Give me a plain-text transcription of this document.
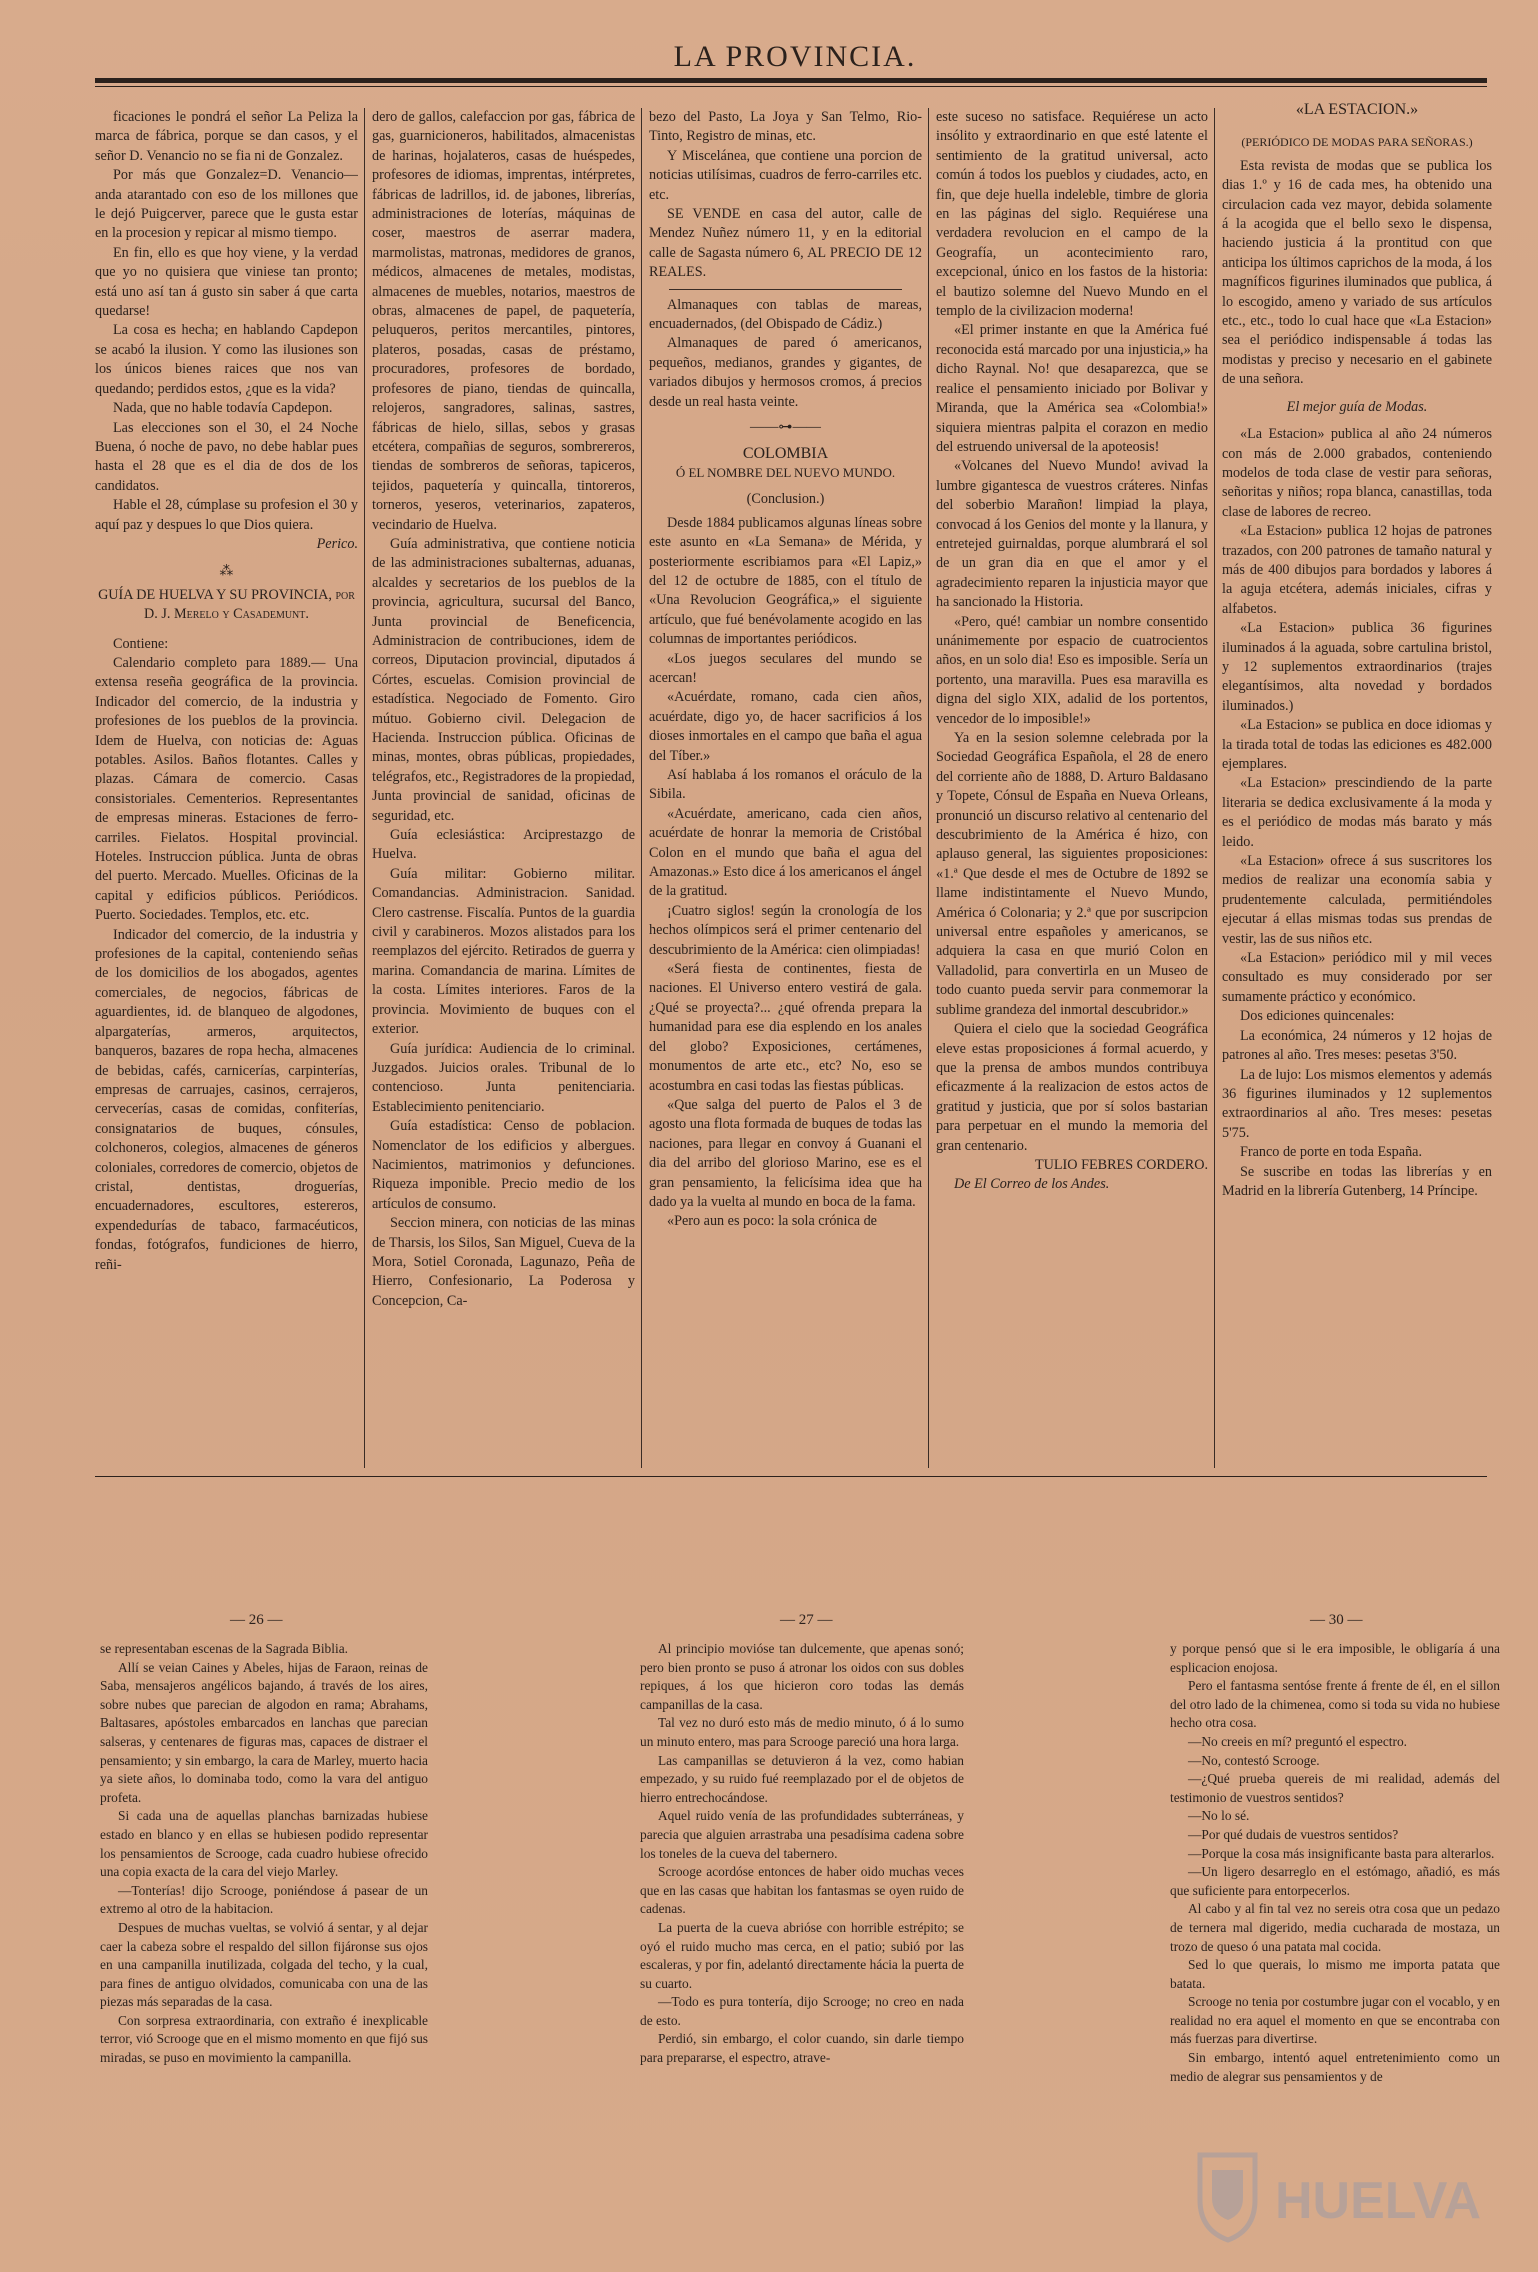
LA PROVINCIA.

ficaciones le pondrá el señor La Peliza la marca de fábrica, porque se dan casos, y el señor D. Venancio no se fia ni de Gonzalez.

Por más que Gonzalez=D. Venancio—anda atarantado con eso de los millones que le dejó Puigcerver, parece que le gusta estar en la procesion y repicar al mismo tiempo.

En fin, ello es que hoy viene, y la verdad que yo no quisiera que viniese tan pronto; está uno así tan á gusto sin saber á que carta quedarse!

La cosa es hecha; en hablando Capdepon se acabó la ilusion. Y como las ilusiones son los únicos bienes raices que nos van quedando; perdidos estos, ¿que es la vida?

Nada, que no hable todavía Capdepon.

Las elecciones son el 30, el 24 Noche Buena, ó noche de pavo, no debe hablar pues hasta el 28 que es el dia de dos de los candidatos.

Hable el 28, cúmplase su profesion el 30 y aquí paz y despues lo que Dios quiera.

Perico.

⁂

GUÍA DE HUELVA Y SU PROVINCIA, por D. J. Merelo y Casademunt.

Contiene:

Calendario completo para 1889.— Una extensa reseña geográfica de la provincia. Indicador del comercio, de la industria y profesiones de los pueblos de la provincia. Idem de Huelva, con noticias de: Aguas potables. Asilos. Baños flotantes. Calles y plazas. Cámara de comercio. Casas consistoriales. Cementerios. Representantes de empresas mineras. Estaciones de ferro-carriles. Fielatos. Hospital provincial. Hoteles. Instruccion pública. Junta de obras del puerto. Mercado. Muelles. Oficinas de la capital y edificios públicos. Periódicos. Puerto. Sociedades. Templos, etc. etc.

Indicador del comercio, de la industria y profesiones de la capital, conteniendo señas de los domicilios de los abogados, agentes comerciales, de negocios, fábricas de aguardientes, id. de blanqueo de algodones, alpargaterías, armeros, arquitectos, banqueros, bazares de ropa hecha, almacenes de bebidas, cafés, carnicerías, carpinterías, empresas de carruajes, casinos, cerrajeros, cervecerías, casas de comidas, confiterías, consignatarios de buques, cónsules, colchoneros, colegios, almacenes de géneros coloniales, corredores de comercio, objetos de cristal, dentistas, droguerías, encuadernadores, escultores, estereros, expendedurías de tabaco, farmacéuticos, fondas, fotógrafos, fundiciones de hierro, reñi-

dero de gallos, calefaccion por gas, fábrica de gas, guarnicioneros, habilitados, almacenistas de harinas, hojalateros, casas de huéspedes, profesores de idiomas, imprentas, intérpretes, fábricas de ladrillos, id. de jabones, librerías, administraciones de loterías, máquinas de coser, maestros de aserrar madera, marmolistas, matronas, medidores de granos, médicos, almacenes de metales, modistas, almacenes de muebles, notarios, maestros de obras, almacenes de papel, de paquetería, peluqueros, peritos mercantiles, pintores, plateros, posadas, casas de préstamo, procuradores, profesores de bordado, profesores de piano, tiendas de quincalla, relojeros, sangradores, salinas, sastres, fábricas de hielo, sillas, sebos y grasas etcétera, compañias de seguros, sombrereros, tiendas de sombreros de señoras, tapiceros, tejidos, paquetería y quincalla, tintoreros, torneros, yeseros, veterinarios, zapateros, vecindario de Huelva.

Guía administrativa, que contiene noticia de las administraciones subalternas, aduanas, alcaldes y secretarios de los pueblos de la provincia, agricultura, sucursal del Banco, Junta provincial de Beneficencia, Administracion de contribuciones, idem de correos, Diputacion provincial, diputados á Córtes, escuelas. Comision provincial de estadística. Negociado de Fomento. Giro mútuo. Gobierno civil. Delegacion de Hacienda. Instruccion pública. Oficinas de minas, montes, obras públicas, propiedades, telégrafos, etc., Registradores de la propiedad, Junta provincial de sanidad, oficinas de seguridad, etc.

Guía eclesiástica: Arciprestazgo de Huelva.

Guía militar: Gobierno militar. Comandancias. Administracion. Sanidad. Clero castrense. Fiscalía. Puntos de la guardia civil y carabineros. Mozos alistados para los reemplazos del ejército. Retirados de guerra y marina. Comandancia de marina. Límites de la costa. Límites interiores. Faros de la provincia. Movimiento de buques con el exterior.

Guía jurídica: Audiencia de lo criminal. Juzgados. Juicios orales. Tribunal de lo contencioso. Junta penitenciaria. Establecimiento penitenciario.

Guía estadística: Censo de poblacion. Nomenclator de los edificios y albergues. Nacimientos, matrimonios y defunciones. Riqueza imponible. Precio medio de los artículos de consumo.

Seccion minera, con noticias de las minas de Tharsis, los Silos, San Miguel, Cueva de la Mora, Sotiel Coronada, Lagunazo, Peña de Hierro, Confesionario, La Poderosa y Concepcion, Ca-

bezo del Pasto, La Joya y San Telmo, Rio-Tinto, Registro de minas, etc.

Y Miscelánea, que contiene una porcion de noticias utilísimas, cuadros de ferro-carriles etc. etc.

SE VENDE en casa del autor, calle de Mendez Nuñez número 11, y en la editorial calle de Sagasta número 6, AL PRECIO DE 12 REALES.

Almanaques con tablas de mareas, encuadernados, (del Obispado de Cádiz.)

Almanaques de pared ó americanos, pequeños, medianos, grandes y gigantes, de variados dibujos y hermosos cromos, á precios desde un real hasta veinte.

——⊶——

COLOMBIA

Ó EL NOMBRE DEL NUEVO MUNDO.

(Conclusion.)

Desde 1884 publicamos algunas líneas sobre este asunto en «La Semana» de Mérida, y posteriormente escribiamos para «El Lapiz,» del 12 de octubre de 1885, con el título de «Una Revolucion Geográfica,» el siguiente artículo, que fué benévolamente acogido en las columnas de importantes periódicos.

«Los juegos seculares del mundo se acercan!

«Acuérdate, romano, cada cien años, acuérdate, digo yo, de hacer sacrificios á los dioses inmortales en el campo que baña el agua del Tíber.»

Así hablaba á los romanos el oráculo de la Sibila.

«Acuérdate, americano, cada cien años, acuérdate de honrar la memoria de Cristóbal Colon en el mundo que baña el agua del Amazonas.» Esto dice á los americanos el ángel de la gratitud.

¡Cuatro siglos! según la cronología de los hechos olímpicos será el primer centenario del descubrimiento de la América: cien olimpiadas!

«Será fiesta de continentes, fiesta de naciones. El Universo entero vestirá de gala. ¿Qué se proyecta?... ¿qué ofrenda prepara la humanidad para ese dia esplendo en los anales del globo? Exposiciones, certámenes, monumentos de arte etc., etc? No, eso se acostumbra en casi todas las fiestas públicas.

«Que salga del puerto de Palos el 3 de agosto una flota formada de buques de todas las naciones, para llegar en convoy á Guanani el dia del arribo del glorioso Marino, ese es el gran pensamiento, la felicísima idea que ha dado ya la vuelta al mundo en boca de la fama.

«Pero aun es poco: la sola crónica de

este suceso no satisface. Requiérese un acto insólito y extraordinario en que esté latente el sentimiento de la gratitud universal, acto común á todos los pueblos y ciudades, acto, en fin, que deje huella indeleble, timbre de gloria en las páginas del siglo. Requiérese una verdadera revolucion en el campo de la Geografía, un acontecimiento raro, excepcional, único en los fastos de la historia: el bautizo solemne del Nuevo Mundo en el templo de la civilizacion moderna!

«El primer instante en que la América fué reconocida está marcado por una injusticia,» ha dicho Raynal. No! que desaparezca, que se realice el pensamiento iniciado por Bolivar y Miranda, que la América sea «Colombia!» siquiera mientras palpita el corazon en medio del estruendo universal de la apoteosis!

«Volcanes del Nuevo Mundo! avivad la lumbre gigantesca de vuestros cráteres. Ninfas del soberbio Marañon! limpiad la playa, convocad á los Genios del monte y la llanura, y entretejed guirnaldas, porque alumbrará el sol de un gran dia en que el amor y el agradecimiento reparen la injusticia mayor que ha sancionado la Historia.

«Pero, qué! cambiar un nombre consentido unánimemente por espacio de cuatrocientos años, en un solo dia! Eso es imposible. Sería un portento, una maravilla. Pues esa maravilla es digna del siglo XIX, adalid de los portentos, vencedor de lo imposible!»

Ya en la sesion solemne celebrada por la Sociedad Geográfica Española, el 28 de enero del corriente año de 1888, D. Arturo Baldasano y Topete, Cónsul de España en Nueva Orleans, pronunció un discurso relativo al centenario del descubrimiento de la América é hizo, con aplauso general, las siguientes proposiciones: «1.ª Que desde el mes de Octubre de 1892 se llame indistintamente el Nuevo Mundo, América ó Colonaria; y 2.ª que por suscripcion universal entre españoles y americanos, se adquiera la casa en que murió Colon en Valladolid, para convertirla en un Museo de todo cuanto pueda servir para conmemorar la sublime grandeza del inmortal descubridor.»

Quiera el cielo que la sociedad Geográfica eleve estas proposiciones á formal acuerdo, y que la prensa de ambos mundos contribuya eficazmente á la realizacion de estos actos de gratitud y justicia, que por sí solos bastarian para perpetuar en el mundo la memoria del gran centenario.

TULIO FEBRES CORDERO.

De El Correo de los Andes.

«LA ESTACION.»

(PERIÓDICO DE MODAS PARA SEÑORAS.)

Esta revista de modas que se publica los dias 1.º y 16 de cada mes, ha obtenido una circulacion cada vez mayor, debida solamente á la acogida que el bello sexo le dispensa, haciendo justicia á la prontitud con que anticipa los últimos caprichos de la moda, á los magníficos figurines iluminados que publica, á lo escogido, ameno y variado de sus artículos etc., etc., todo lo cual hace que «La Estacion» sea el periódico indispensable á todas las modistas y preciso y necesario en el gabinete de una señora.

El mejor guía de Modas.

«La Estacion» publica al año 24 números con más de 2.000 grabados, conteniendo modelos de toda clase de vestir para señoras, señoritas y niños; ropa blanca, canastillas, toda clase de labores de recreo.

«La Estacion» publica 12 hojas de patrones trazados, con 200 patrones de tamaño natural y más de 400 dibujos para bordados y labores á la aguja etcétera, además iniciales, cifras y alfabetos.

«La Estacion» publica 36 figurines iluminados á la aguada, sobre cartulina bristol, y 12 suplementos extraordinarios (trajes elegantísimos, alta novedad y bordados iluminados.)

«La Estacion» se publica en doce idiomas y la tirada total de todas las ediciones es 482.000 ejemplares.

«La Estacion» prescindiendo de la parte literaria se dedica exclusivamente á la moda y es el periódico de modas más barato y más leido.

«La Estacion» ofrece á sus suscritores los medios de realizar una economía sabia y prudentemente calculada, permitiéndoles ejecutar á ellas mismas todas sus prendas de vestir, las de sus niños etc.

«La Estacion» periódico mil y mil veces consultado es muy considerado por ser sumamente práctico y económico.

Dos ediciones quincenales:

La económica, 24 números y 12 hojas de patrones al año. Tres meses: pesetas 3'50.

La de lujo: Los mismos elementos y además 36 figurines iluminados y 12 suplementos extraordinarios al año. Tres meses: pesetas 5'75.

Franco de porte en toda España.

Se suscribe en todas las librerías y en Madrid en la librería Gutenberg, 14 Príncipe.

— 26 —	— 27 —	— 30 —

se representaban escenas de la Sagrada Biblia.

Allí se veian Caines y Abeles, hijas de Faraon, reinas de Saba, mensajeros angélicos bajando, á través de los aires, sobre nubes que parecian de algodon en rama; Abrahams, Baltasares, apóstoles embarcados en lanchas que parecian salseras, y centenares de figuras mas, capaces de distraer el pensamiento; y sin embargo, la cara de Marley, muerto hacia ya siete años, lo dominaba todo, como la vara del antiguo profeta.

Si cada una de aquellas planchas barnizadas hubiese estado en blanco y en ellas se hubiesen podido representar los pensamientos de Scrooge, cada cuadro hubiese ofrecido una copia exacta de la cara del viejo Marley.

—Tonterías! dijo Scrooge, poniéndose á pasear de un extremo al otro de la habitacion.

Despues de muchas vueltas, se volvió á sentar, y al dejar caer la cabeza sobre el respaldo del sillon fijáronse sus ojos en una campanilla inutilizada, colgada del techo, y la cual, para fines de antiguo olvidados, comunicaba con una de las piezas más separadas de la casa.

Con sorpresa extraordinaria, con extraño é inexplicable terror, vió Scrooge que en el mismo momento en que fijó sus miradas, se puso en movimiento la campanilla.

Al principio movióse tan dulcemente, que apenas sonó; pero bien pronto se puso á atronar los oidos con sus dobles repiques, á los que hicieron coro todas las demás campanillas de la casa.

Tal vez no duró esto más de medio minuto, ó á lo sumo un minuto entero, mas para Scrooge pareció una hora larga.

Las campanillas se detuvieron á la vez, como habian empezado, y su ruido fué reemplazado por el de objetos de hierro entrechocándose.

Aquel ruido venía de las profundidades subterráneas, y parecia que alguien arrastraba una pesadísima cadena sobre los toneles de la cueva del tabernero.

Scrooge acordóse entonces de haber oido muchas veces que en las casas que habitan los fantasmas se oyen ruido de cadenas.

La puerta de la cueva abrióse con horrible estrépito; se oyó el ruido mucho mas cerca, en el patio; subió por las escaleras, y por fin, adelantó directamente hácia la puerta de su cuarto.

—Todo es pura tontería, dijo Scrooge; no creo en nada de esto.

Perdió, sin embargo, el color cuando, sin darle tiempo para prepararse, el espectro, atrave-

y porque pensó que si le era imposible, le obligaría á una esplicacion enojosa.

Pero el fantasma sentóse frente á frente de él, en el sillon del otro lado de la chimenea, como si toda su vida no hubiese hecho otra cosa.

—No creeis en mí? preguntó el espectro.

—No, contestó Scrooge.

—¿Qué prueba quereis de mi realidad, además del testimonio de vuestros sentidos?

—No lo sé.

—Por qué dudais de vuestros sentidos?

—Porque la cosa más insignificante basta para alterarlos.

—Un ligero desarreglo en el estómago, añadió, es más que suficiente para entorpecerlos.

Al cabo y al fin tal vez no sereis otra cosa que un pedazo de ternera mal digerido, media cucharada de mostaza, un trozo de queso ó una patata mal cocida.

Sed lo que querais, lo mismo me importa patata que batata.

Scrooge no tenia por costumbre jugar con el vocablo, y en realidad no era aquel el momento en que se encontraba con más fuerzas para divertirse.

Sin embargo, intentó aquel entretenimiento como un medio de alegrar sus pensamientos y de

HUELVA
